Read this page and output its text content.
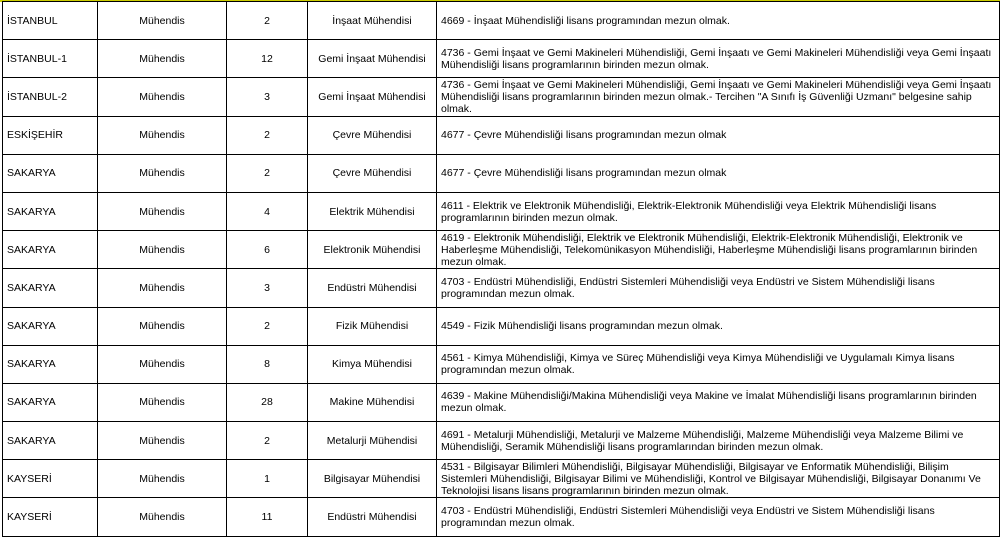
İSTANBUL	Mühendis	2	İnşaat Mühendisi	4669 - İnşaat Mühendisliği lisans programından mezun olmak.
İSTANBUL-1	Mühendis	12	Gemi İnşaat Mühendisi	4736 - Gemi İnşaat ve Gemi Makineleri Mühendisliği, Gemi İnşaatı ve Gemi Makineleri Mühendisliği veya Gemi İnşaatı Mühendisliği lisans programlarının birinden mezun olmak.
İSTANBUL-2	Mühendis	3	Gemi İnşaat Mühendisi	4736 - Gemi İnşaat ve Gemi Makineleri Mühendisliği, Gemi İnşaatı ve Gemi Makineleri Mühendisliği veya Gemi İnşaatı Mühendisliği lisans programlarının birinden mezun olmak.- Tercihen "A Sınıfı İş Güvenliği Uzmanı" belgesine sahip olmak.
ESKİŞEHİR	Mühendis	2	Çevre Mühendisi	4677 - Çevre Mühendisliği lisans programından mezun olmak
SAKARYA	Mühendis	2	Çevre Mühendisi	4677 - Çevre Mühendisliği lisans programından mezun olmak
SAKARYA	Mühendis	4	Elektrik Mühendisi	4611 - Elektrik ve Elektronik Mühendisliği, Elektrik-Elektronik Mühendisliği veya Elektrik Mühendisliği lisans programlarının birinden mezun olmak.
SAKARYA	Mühendis	6	Elektronik Mühendisi	4619 - Elektronik Mühendisliği, Elektrik ve Elektronik Mühendisliği, Elektrik-Elektronik Mühendisliği, Elektronik ve Haberleşme Mühendisliği, Telekomünikasyon Mühendisliği, Haberleşme Mühendisliği lisans programlarının birinden mezun olmak.
SAKARYA	Mühendis	3	Endüstri Mühendisi	4703 - Endüstri Mühendisliği, Endüstri Sistemleri Mühendisliği veya Endüstri ve Sistem Mühendisliği lisans programından mezun olmak.
SAKARYA	Mühendis	2	Fizik Mühendisi	4549 - Fizik Mühendisliği lisans programından mezun olmak.
SAKARYA	Mühendis	8	Kimya Mühendisi	4561 - Kimya Mühendisliği, Kimya ve Süreç Mühendisliği veya Kimya Mühendisliği ve Uygulamalı Kimya lisans programından mezun olmak.
SAKARYA	Mühendis	28	Makine Mühendisi	4639 - Makine Mühendisliği/Makina Mühendisliği veya Makine ve İmalat Mühendisliği lisans programlarının birinden mezun olmak.
SAKARYA	Mühendis	2	Metalurji Mühendisi	4691 - Metalurji Mühendisliği, Metalurji ve Malzeme Mühendisliği, Malzeme Mühendisliği veya Malzeme Bilimi ve Mühendisliği, Seramik Mühendisliği lisans programlarından birinden mezun olmak.
KAYSERİ	Mühendis	1	Bilgisayar Mühendisi	4531 - Bilgisayar Bilimleri Mühendisliği, Bilgisayar Mühendisliği, Bilgisayar ve Enformatik Mühendisliği, Bilişim Sistemleri Mühendisliği, Bilgisayar Bilimi ve Mühendisliği, Kontrol ve Bilgisayar Mühendisliği, Bilgisayar Donanımı Ve Teknolojisi lisans lisans programlarının birinden mezun olmak.
KAYSERİ	Mühendis	11	Endüstri Mühendisi	4703 - Endüstri Mühendisliği, Endüstri Sistemleri Mühendisliği veya Endüstri ve Sistem Mühendisliği lisans programından mezun olmak.
